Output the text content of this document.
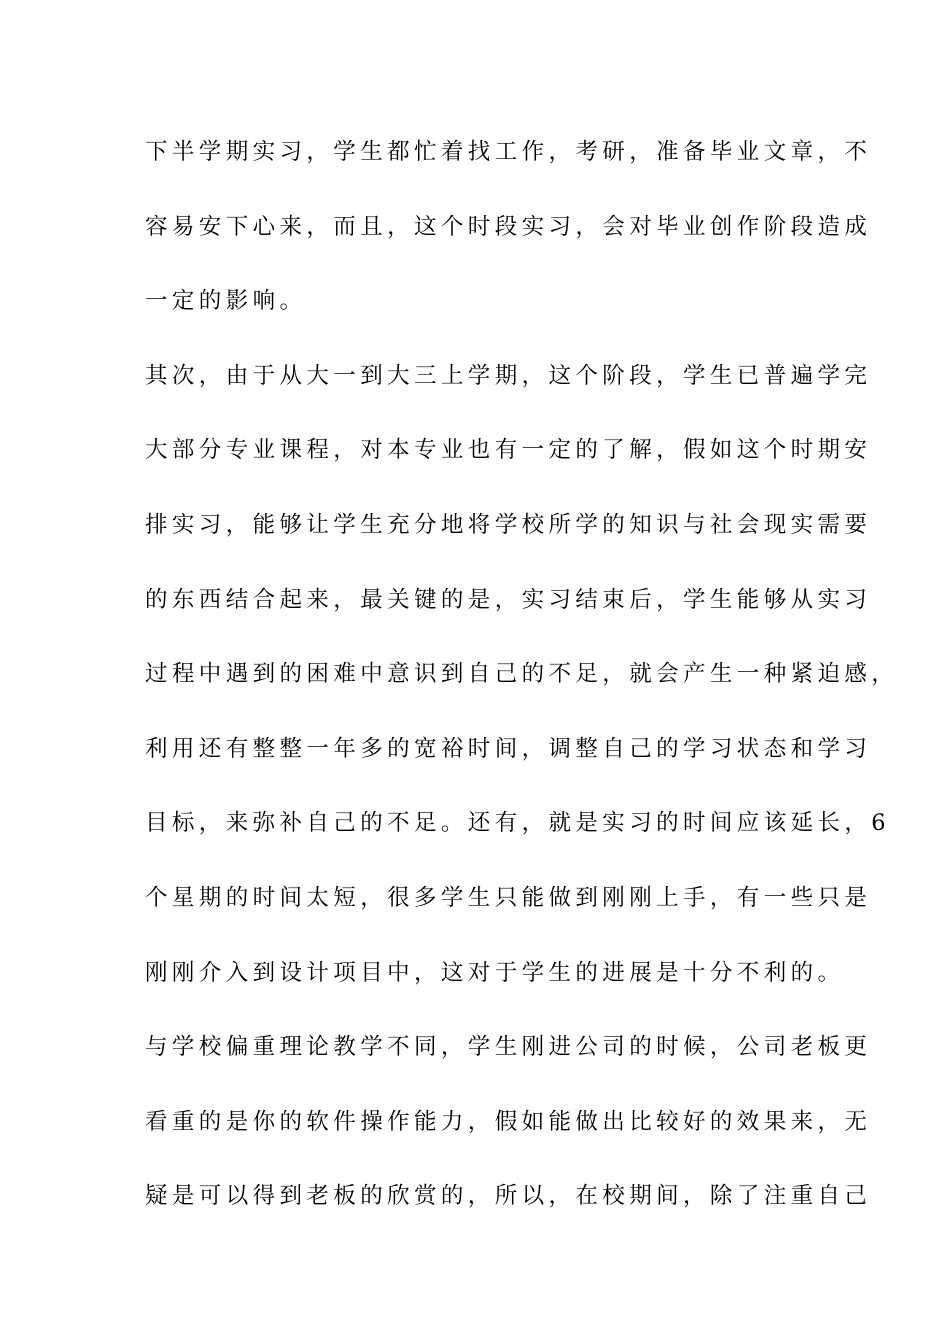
下半学期实习，学生都忙着找工作，考研，准备毕业文章，不
容易安下心来，而且，这个时段实习，会对毕业创作阶段造成
一定的影响。
其次，由于从大一到大三上学期，这个阶段，学生已普遍学完
大部分专业课程，对本专业也有一定的了解，假如这个时期安
排实习，能够让学生充分地将学校所学的知识与社会现实需要
的东西结合起来，最关键的是，实习结束后，学生能够从实习
过程中遇到的困难中意识到自己的不足，就会产生一种紧迫感，
利用还有整整一年多的宽裕时间，调整自己的学习状态和学习
目标，来弥补自己的不足。还有，就是实习的时间应该延长，6
个星期的时间太短，很多学生只能做到刚刚上手，有一些只是
刚刚介入到设计项目中，这对于学生的进展是十分不利的。
与学校偏重理论教学不同，学生刚进公司的时候，公司老板更
看重的是你的软件操作能力，假如能做出比较好的效果来，无
疑是可以得到老板的欣赏的，所以，在校期间，除了注重自己
